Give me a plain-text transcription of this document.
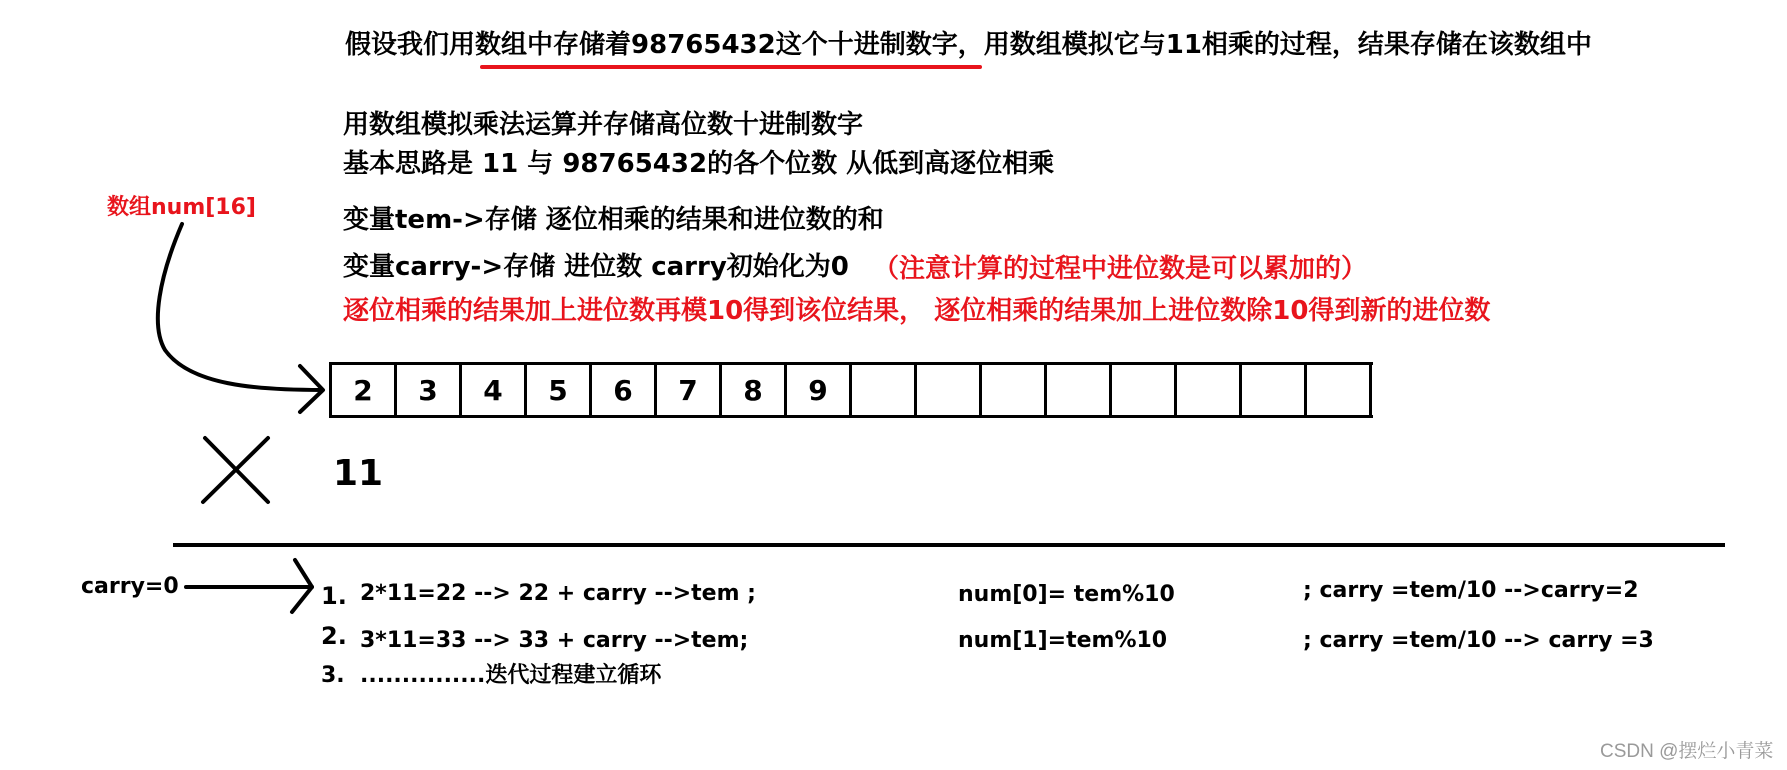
假设我们用数组中存储着98765432这个十进制数字，用数组模拟它与11相乘的过程，结果存储在该数组中
用数组模拟乘法运算并存储高位数十进制数字
基本思路是 11 与 98765432的各个位数 从低到高逐位相乘
变量tem->存储 逐位相乘的结果和进位数的和
变量carry->存储 进位数 carry初始化为0 （注意计算的过程中进位数是可以累加的）
逐位相乘的结果加上进位数再模10得到该位结果， 逐位相乘的结果加上进位数除10得到新的进位数
数组num[16]
2	3	4	5	6	7	8	9
11
carry=0	1. 2*11=22 --> 22 + carry -->tem ;	num[0]= tem%10	; carry =tem/10 -->carry=2
2. 3*11=33 --> 33 + carry -->tem;	num[1]=tem%10	; carry =tem/10 --> carry =3
3. ...............迭代过程建立循环
CSDN @摆烂小青菜
